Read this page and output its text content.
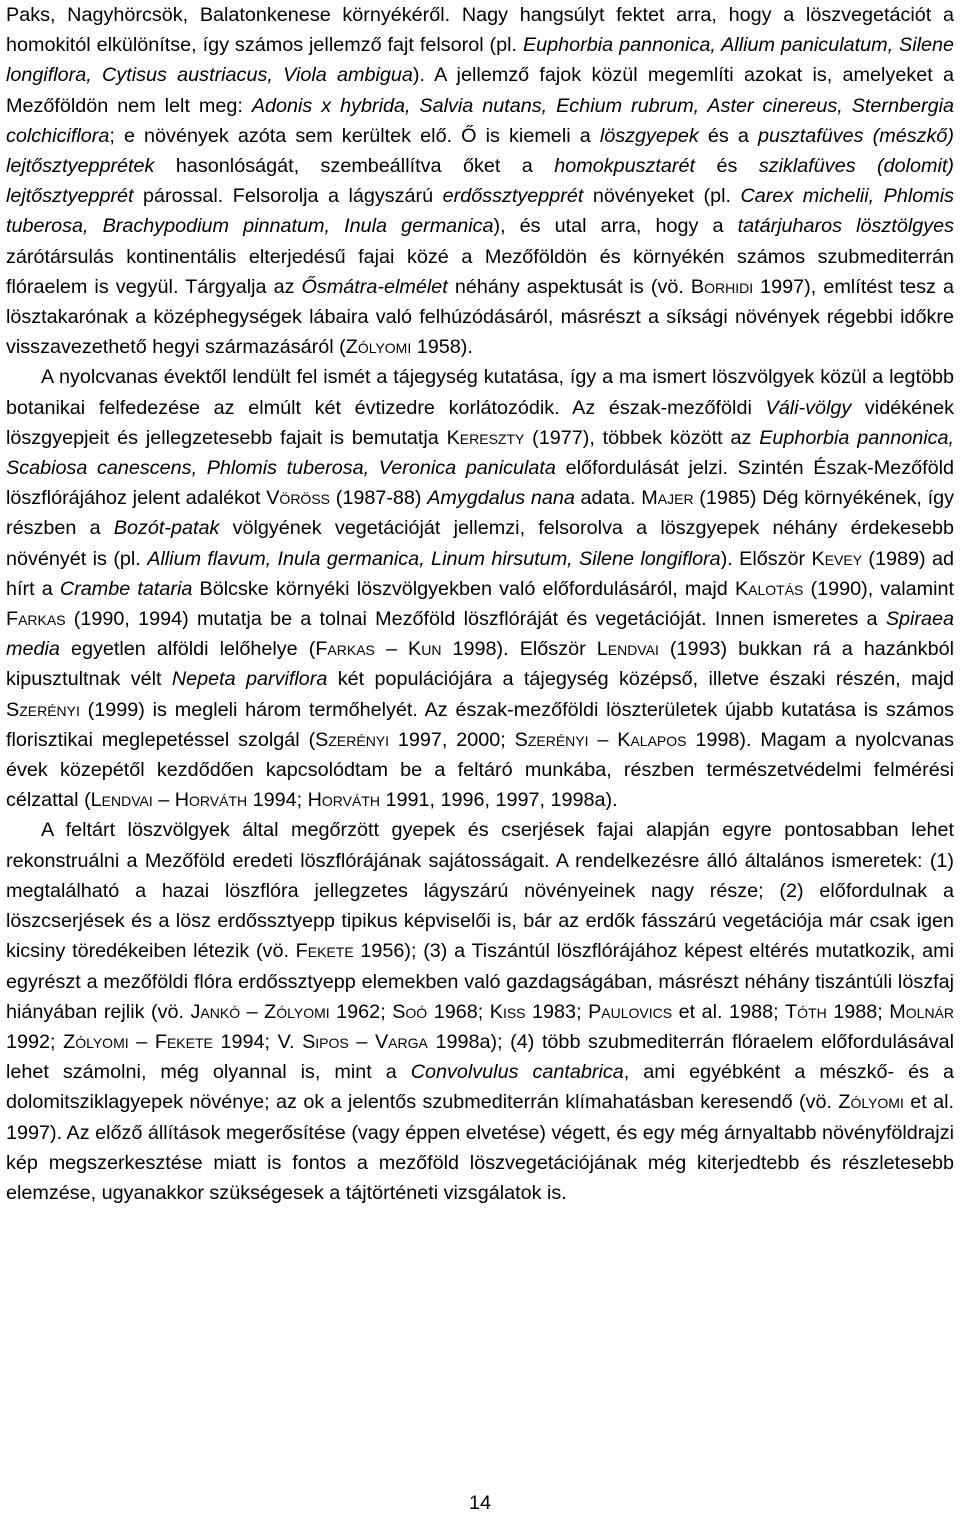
Paks, Nagyhörcsök, Balatonkenese környékéről. Nagy hangsúlyt fektet arra, hogy a löszvegetációt a homokitól elkülönítse, így számos jellemző fajt felsorol (pl. Euphorbia pannonica, Allium paniculatum, Silene longiflora, Cytisus austriacus, Viola ambigua). A jellemző fajok közül megemlíti azokat is, amelyeket a Mezőföldön nem lelt meg: Adonis x hybrida, Salvia nutans, Echium rubrum, Aster cinereus, Sternbergia colchiciflora; e növények azóta sem kerültek elő. Ő is kiemeli a löszgyepek és a pusztafüves (mészkő) lejtősztyepprétek hasonlóságát, szembeállítva őket a homokpusztarét és sziklafüves (dolomit) lejtősztyepprét párossal. Felsorolja a lágyszárú erdőssztyepprét növényeket (pl. Carex michelii, Phlomis tuberosa, Brachypodium pinnatum, Inula germanica), és utal arra, hogy a tatárjuharos lösztölgyes zárótársulás kontinentális elterjedésű fajai közé a Mezőföldön és környékén számos szubmediterrán flóraelem is vegyül. Tárgyalja az Ősmátra-elmélet néhány aspektusát is (vö. Borhidi 1997), említést tesz a lösztakarónak a középhegységek lábaira való felhúzódásáról, másrészt a síksági növények régebbi időkre visszavezethető hegyi származásáról (Zólyomi 1958).

A nyolcvanas évektől lendült fel ismét a tájegység kutatása, így a ma ismert löszvölgyek közül a legtöbb botanikai felfedezése az elmúlt két évtizedre korlátozódik. Az észak-mezőföldi Váli-völgy vidékének löszgyepjeit és jellegzetesebb fajait is bemutatja Kereszty (1977), többek között az Euphorbia pannonica, Scabiosa canescens, Phlomis tuberosa, Veronica paniculata előfordulását jelzi. Szintén Észak-Mezőföld löszflórájához jelent adalékot Vöröss (1987-88) Amygdalus nana adata. Majer (1985) Dég környékének, így részben a Bozót-patak völgyének vegetációját jellemzi, felsorolva a löszgyepek néhány érdekesebb növényét is (pl. Allium flavum, Inula germanica, Linum hirsutum, Silene longiflora). Először Kevey (1989) ad hírt a Crambe tataria Bölcske környéki löszvölgyekben való előfordulásáról, majd Kalotás (1990), valamint Farkas (1990, 1994) mutatja be a tolnai Mezőföld löszflóráját és vegetációját. Innen ismeretes a Spiraea media egyetlen alföldi lelőhelye (Farkas – Kun 1998). Először Lendvai (1993) bukkan rá a hazánkból kipusztultnak vélt Nepeta parviflora két populációjára a tájegység középső, illetve északi részén, majd Szerényi (1999) is megleli három termőhelyét. Az észak-mezőföldi löszterületek újabb kutatása is számos florisztikai meglepetéssel szolgál (Szerényi 1997, 2000; Szerényi – Kalapos 1998). Magam a nyolcvanas évek közepétől kezdődően kapcsolódtam be a feltáró munkába, részben természetvédelmi felmérési célzattal (Lendvai – Horváth 1994; Horváth 1991, 1996, 1997, 1998a).

A feltárt löszvölgyek által megőrzött gyepek és cserjések fajai alapján egyre pontosabban lehet rekonstruálni a Mezőföld eredeti löszflórájának sajátosságait. A rendelkezésre álló általános ismeretek: (1) megtalálható a hazai löszflóra jellegzetes lágyszárú növényeinek nagy része; (2) előfordulnak a löszcserjések és a lösz erdőssztyepp tipikus képviselői is, bár az erdők fásszárú vegetációja már csak igen kicsiny töredékeiben létezik (vö. Fekete 1956); (3) a Tiszántúl löszflórájához képest eltérés mutatkozik, ami egyrészt a mezőföldi flóra erdőssztyepp elemekben való gazdagságában, másrészt néhány tiszántúli löszfaj hiányában rejlik (vö. Jankó – Zólyomi 1962; Soó 1968; Kiss 1983; Paulovics et al. 1988; Tóth 1988; Molnár 1992; Zólyomi – Fekete 1994; V. Sipos – Varga 1998a); (4) több szubmediterrán flóraelem előfordulásával lehet számolni, még olyannal is, mint a Convolvulus cantabrica, ami egyébként a mészkő- és a dolomitsziklagyepek növénye; az ok a jelentős szubmediterrán klímahatásban keresendő (vö. Zólyomi et al. 1997). Az előző állítások megerősítése (vagy éppen elvetése) végett, és egy még árnyaltabb növényföldrajzi kép megszerkesztése miatt is fontos a mezőföld löszvegetációjának még kiterjedtebb és részletesebb elemzése, ugyanakkor szükségesek a tájtörténeti vizsgálatok is.

14
